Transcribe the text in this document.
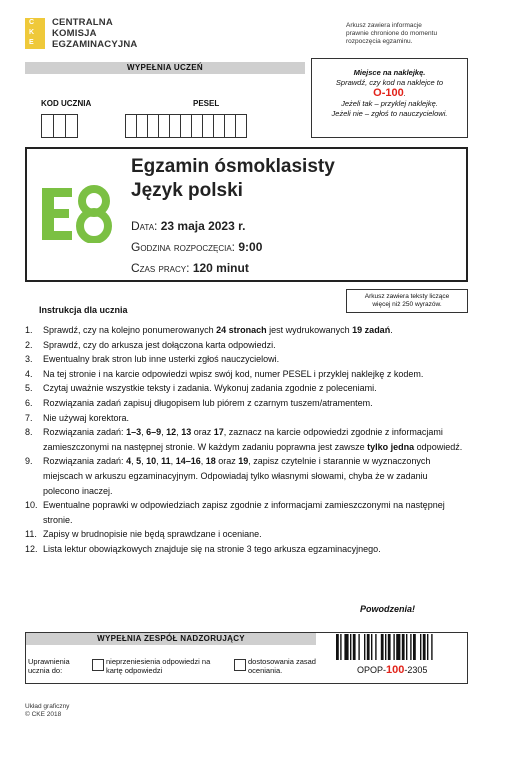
C
K
E
CENTRALNA
KOMISJA
EGZAMINACYJNA
Arkusz zawiera informacje
prawnie chronione do momentu
rozpoczęcia egzaminu.
WYPEŁNIA UCZEŃ
KOD UCZNIA	PESEL
Miejsce na naklejkę.
Sprawdź, czy kod na naklejce to
O-100.
Jeżeli tak – przyklej naklejkę.
Jeżeli nie – zgłoś to nauczycielowi.
Egzamin ósmoklasisty
Język polski
Data: 23 maja 2023 r.
Godzina rozpoczęcia: 9:00
Czas pracy: 120 minut
Arkusz zawiera teksty liczące
więcej niż 250 wyrazów.
Instrukcja dla ucznia
1.	Sprawdź, czy na kolejno ponumerowanych 24 stronach jest wydrukowanych 19 zadań.
2.	Sprawdź, czy do arkusza jest dołączona karta odpowiedzi.
3.	Ewentualny brak stron lub inne usterki zgłoś nauczycielowi.
4.	Na tej stronie i na karcie odpowiedzi wpisz swój kod, numer PESEL i przyklej naklejkę z kodem.
5.	Czytaj uważnie wszystkie teksty i zadania. Wykonuj zadania zgodnie z poleceniami.
6.	Rozwiązania zadań zapisuj długopisem lub piórem z czarnym tuszem/atramentem.
7.	Nie używaj korektora.
8.	Rozwiązania zadań: 1–3, 6–9, 12, 13 oraz 17, zaznacz na karcie odpowiedzi zgodnie z informacjami zamieszczonymi na następnej stronie. W każdym zadaniu poprawna jest zawsze tylko jedna odpowiedź.
9.	Rozwiązania zadań: 4, 5, 10, 11, 14–16, 18 oraz 19, zapisz czytelnie i starannie w wyznaczonych miejscach w arkuszu egzaminacyjnym. Odpowiadaj tylko własnymi słowami, chyba że w zadaniu polecono inaczej.
10. Ewentualne poprawki w odpowiedziach zapisz zgodnie z informacjami zamieszczonymi na następnej stronie.
11. Zapisy w brudnopisie nie będą sprawdzane i oceniane.
12. Lista lektur obowiązkowych znajduje się na stronie 3 tego arkusza egzaminacyjnego.
Powodzenia!
WYPEŁNIA ZESPÓŁ NADZORUJĄCY
Uprawnienia ucznia do:
nieprzeniesienia odpowiedzi na kartę odpowiedzi
dostosowania zasad oceniania.	OPOP-100-2305
Układ graficzny
© CKE 2018
